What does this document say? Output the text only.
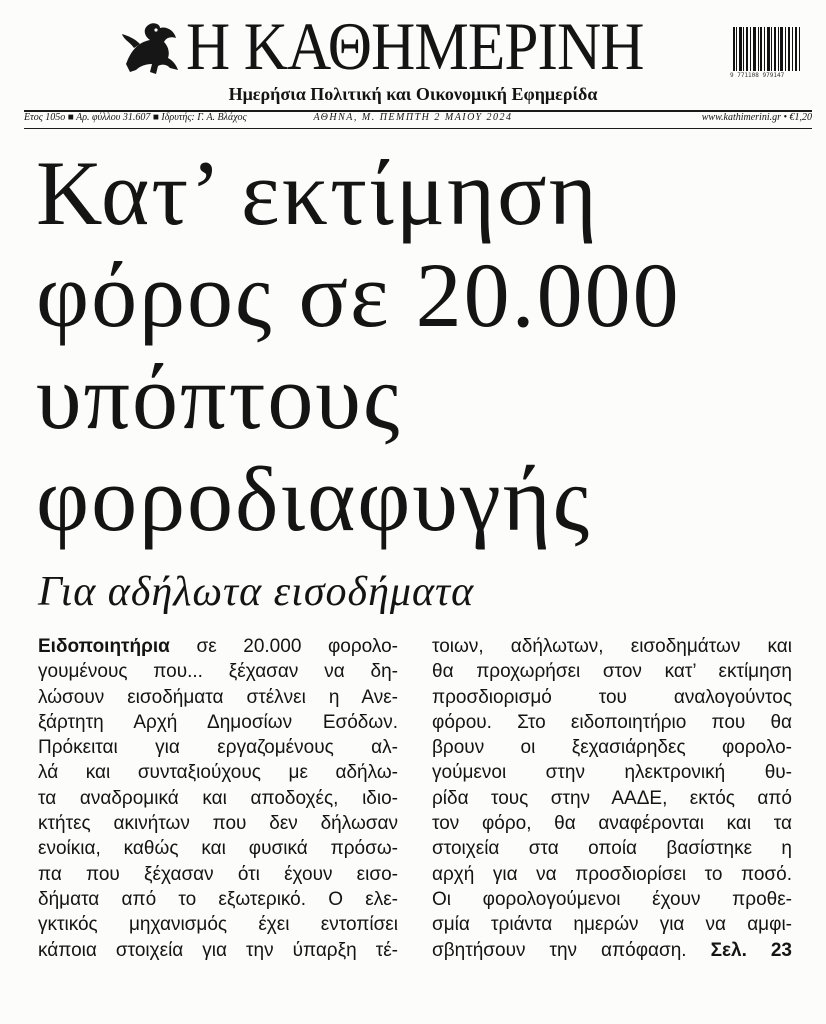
Η ΚΑΘΗΜΕΡΙΝΗ	9 771108 979147
Ημερήσια Πολιτική και Οικονομική Εφημερίδα
Ετος 105ο ■ Αρ. φύλλου 31.607 ■ Ιδρυτής: Γ. Α. Βλάχος	ΑΘΗΝΑ, Μ. ΠΕΜΠΤΗ 2 ΜΑΪΟΥ 2024	www.kathimerini.gr • €1,20
Κατ’ εκτίμηση
φόρος σε 20.000
υπόπτους
φοροδιαφυγής
Για αδήλωτα εισοδήματα
Ειδοποιητήρια σε 20.000 φορολο-
γουμένους που... ξέχασαν να δη-
λώσουν εισοδήματα στέλνει η Ανε-
ξάρτητη Αρχή Δημοσίων Εσόδων.
Πρόκειται για εργαζομένους αλ-
λά και συνταξιούχους με αδήλω-
τα αναδρομικά και αποδοχές, ιδιο-
κτήτες ακινήτων που δεν δήλωσαν
ενοίκια, καθώς και φυσικά πρόσω-
πα που ξέχασαν ότι έχουν εισο-
δήματα από το εξωτερικό. Ο ελε-
γκτικός μηχανισμός έχει εντοπίσει
κάποια στοιχεία για την ύπαρξη τέ-
τοιων, αδήλωτων, εισοδημάτων και
θα προχωρήσει στον κατ’ εκτίμηση
προσδιορισμό του αναλογούντος
φόρου. Στο ειδοποιητήριο που θα
βρουν οι ξεχασιάρηδες φορολο-
γούμενοι στην ηλεκτρονική θυ-
ρίδα τους στην ΑΑΔΕ, εκτός από
τον φόρο, θα αναφέρονται και τα
στοιχεία στα οποία βασίστηκε η
αρχή για να προσδιορίσει το ποσό.
Οι φορολογούμενοι έχουν προθε-
σμία τριάντα ημερών για να αμφι-
σβητήσουν την απόφαση. Σελ. 23
